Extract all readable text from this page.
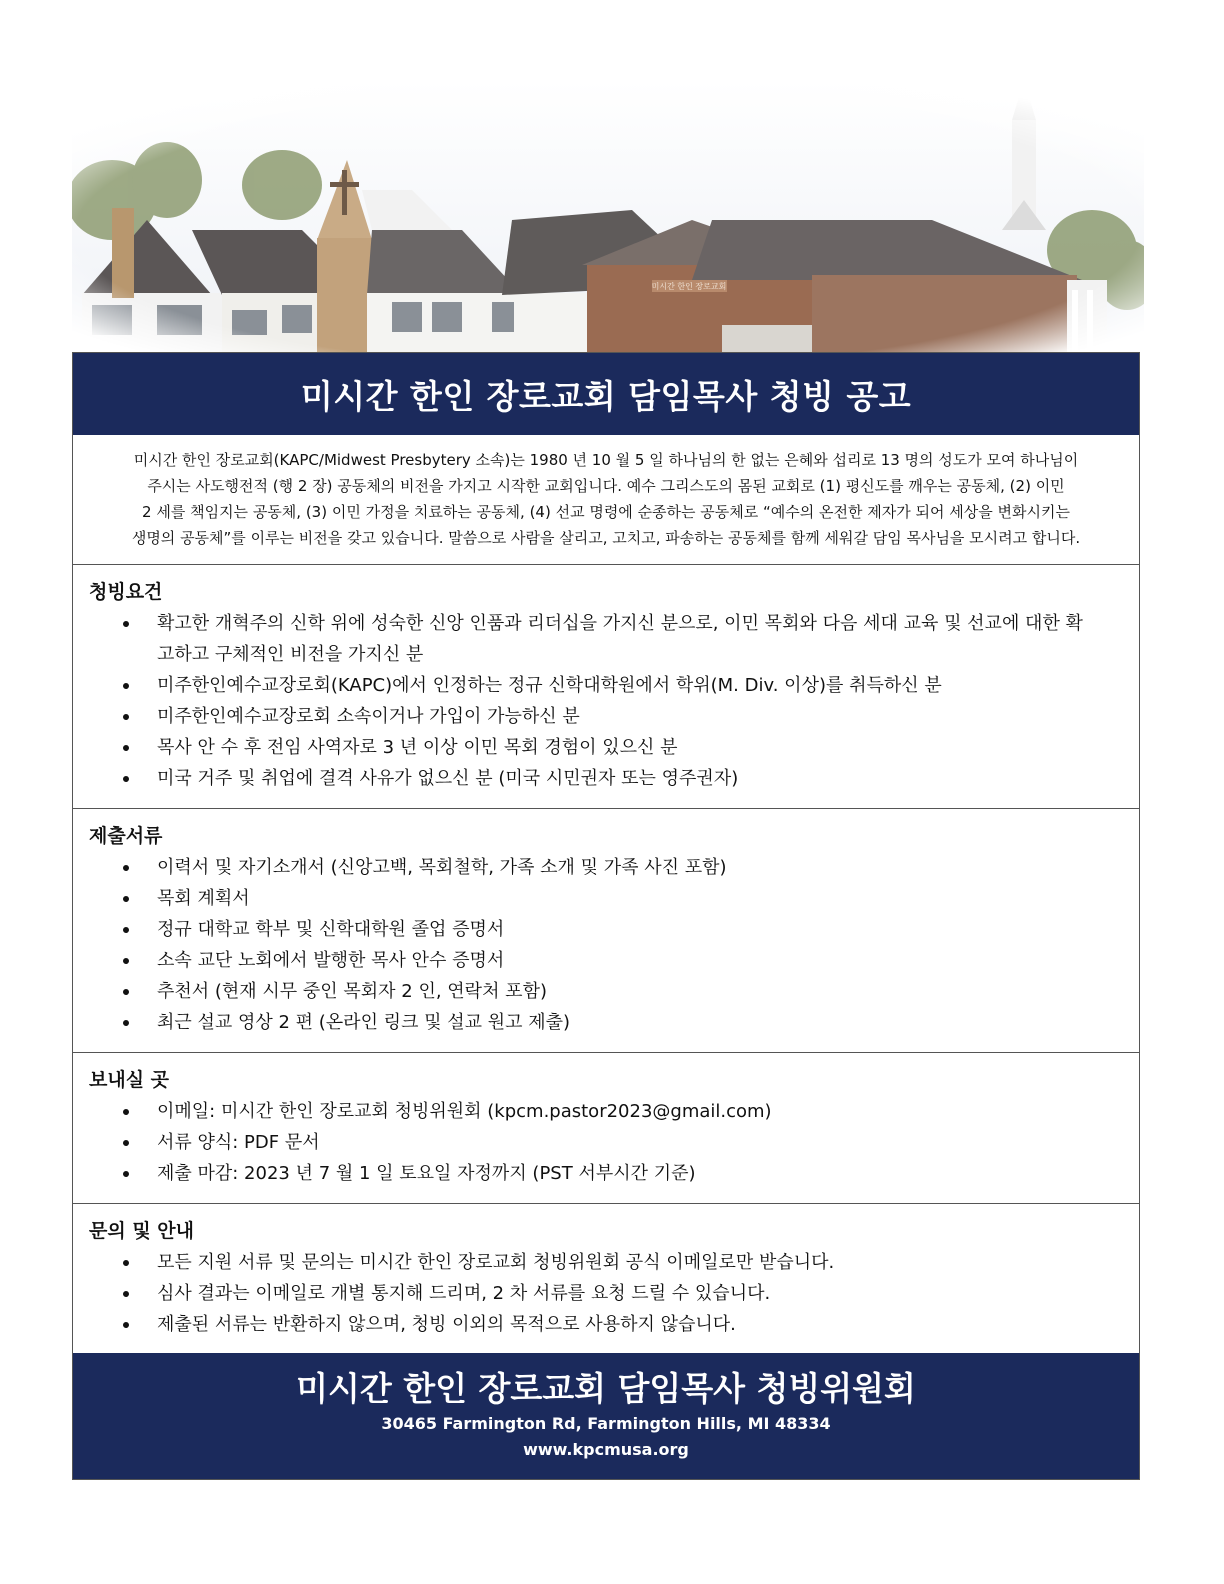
미시간 한인 장로교회 담임목사 청빙 공고
미시간 한인 장로교회(KAPC/Midwest Presbytery 소속)는 1980 년 10 월 5 일 하나님의 한 없는 은혜와 섭리로 13 명의 성도가 모여 하나님이
주시는 사도행전적 (행 2 장) 공동체의 비전을 가지고 시작한 교회입니다. 예수 그리스도의 몸된 교회로 (1) 평신도를 깨우는 공동체, (2) 이민
2 세를 책임지는 공동체, (3) 이민 가정을 치료하는 공동체, (4) 선교 명령에 순종하는 공동체로 “예수의 온전한 제자가 되어 세상을 변화시키는
생명의 공동체”를 이루는 비전을 갖고 있습니다. 말씀으로 사람을 살리고, 고치고, 파송하는 공동체를 함께 세워갈 담임 목사님을 모시려고 합니다.
청빙요건
확고한 개혁주의 신학 위에 성숙한 신앙 인품과 리더십을 가지신 분으로, 이민 목회와 다음 세대 교육 및 선교에 대한 확고하고 구체적인 비전을 가지신 분
미주한인예수교장로회(KAPC)에서 인정하는 정규 신학대학원에서 학위(M. Div. 이상)를 취득하신 분
미주한인예수교장로회 소속이거나 가입이 가능하신 분
목사 안 수 후 전임 사역자로 3 년 이상 이민 목회 경험이 있으신 분
미국 거주 및 취업에 결격 사유가 없으신 분 (미국 시민권자 또는 영주권자)
제출서류
이력서 및 자기소개서 (신앙고백, 목회철학, 가족 소개 및 가족 사진 포함)
목회 계획서
정규 대학교 학부 및 신학대학원 졸업 증명서
소속 교단 노회에서 발행한 목사 안수 증명서
추천서 (현재 시무 중인 목회자 2 인, 연락처 포함)
최근 설교 영상 2 편 (온라인 링크 및 설교 원고 제출)
보내실 곳
이메일: 미시간 한인 장로교회 청빙위원회 (kpcm.pastor2023@gmail.com)
서류 양식: PDF 문서
제출 마감: 2023 년 7 월 1 일 토요일 자정까지 (PST 서부시간 기준)
문의 및 안내
모든 지원 서류 및 문의는 미시간 한인 장로교회 청빙위원회 공식 이메일로만 받습니다.
심사 결과는 이메일로 개별 통지해 드리며, 2 차 서류를 요청 드릴 수 있습니다.
제출된 서류는 반환하지 않으며, 청빙 이외의 목적으로 사용하지 않습니다.
미시간 한인 장로교회 담임목사 청빙위원회
30465 Farmington Rd, Farmington Hills, MI 48334
www.kpcmusa.org
